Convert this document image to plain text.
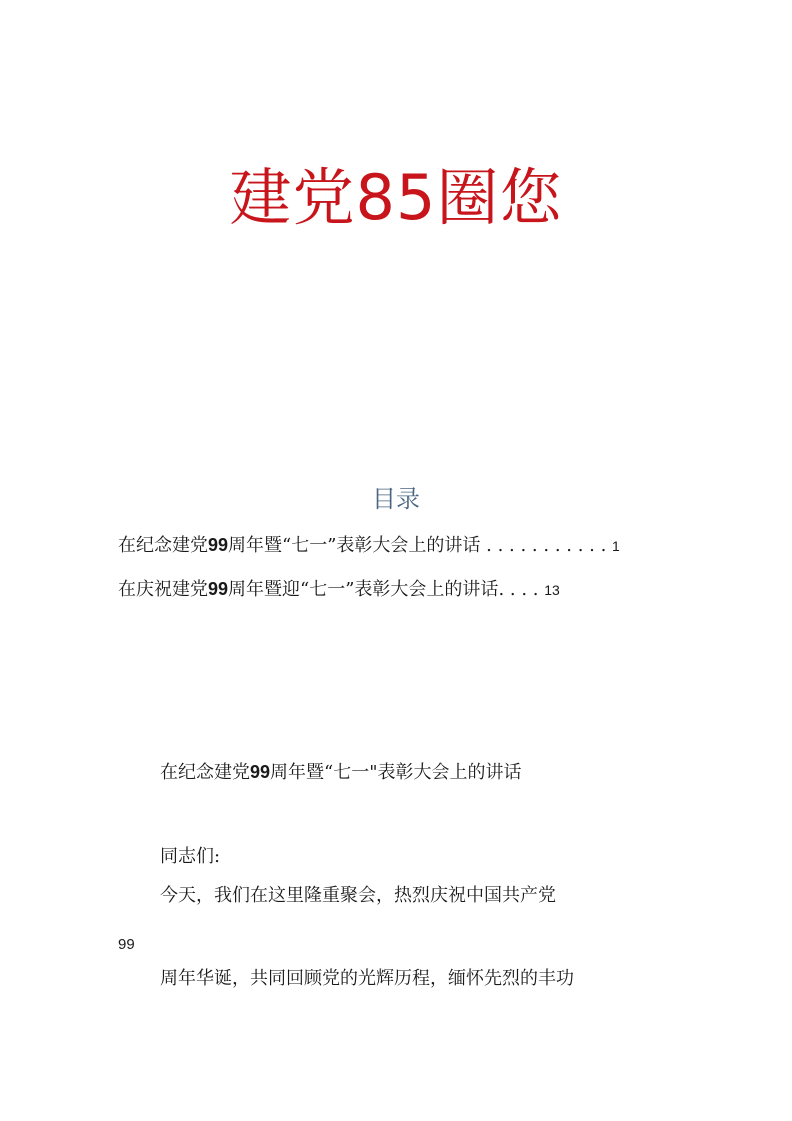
建党85圈您
目录
在纪念建党99周年暨“七一”表彰大会上的讲话 . . . . . . . . . . . 1
在庆祝建党99周年暨迎“七一”表彰大会上的讲话. . . . 13
在纪念建党99周年暨“七一"表彰大会上的讲话
同志们:
今天，我们在这里隆重聚会，热烈庆祝中国共产党
99
周年华诞，共同回顾党的光辉历程，缅怀先烈的丰功
